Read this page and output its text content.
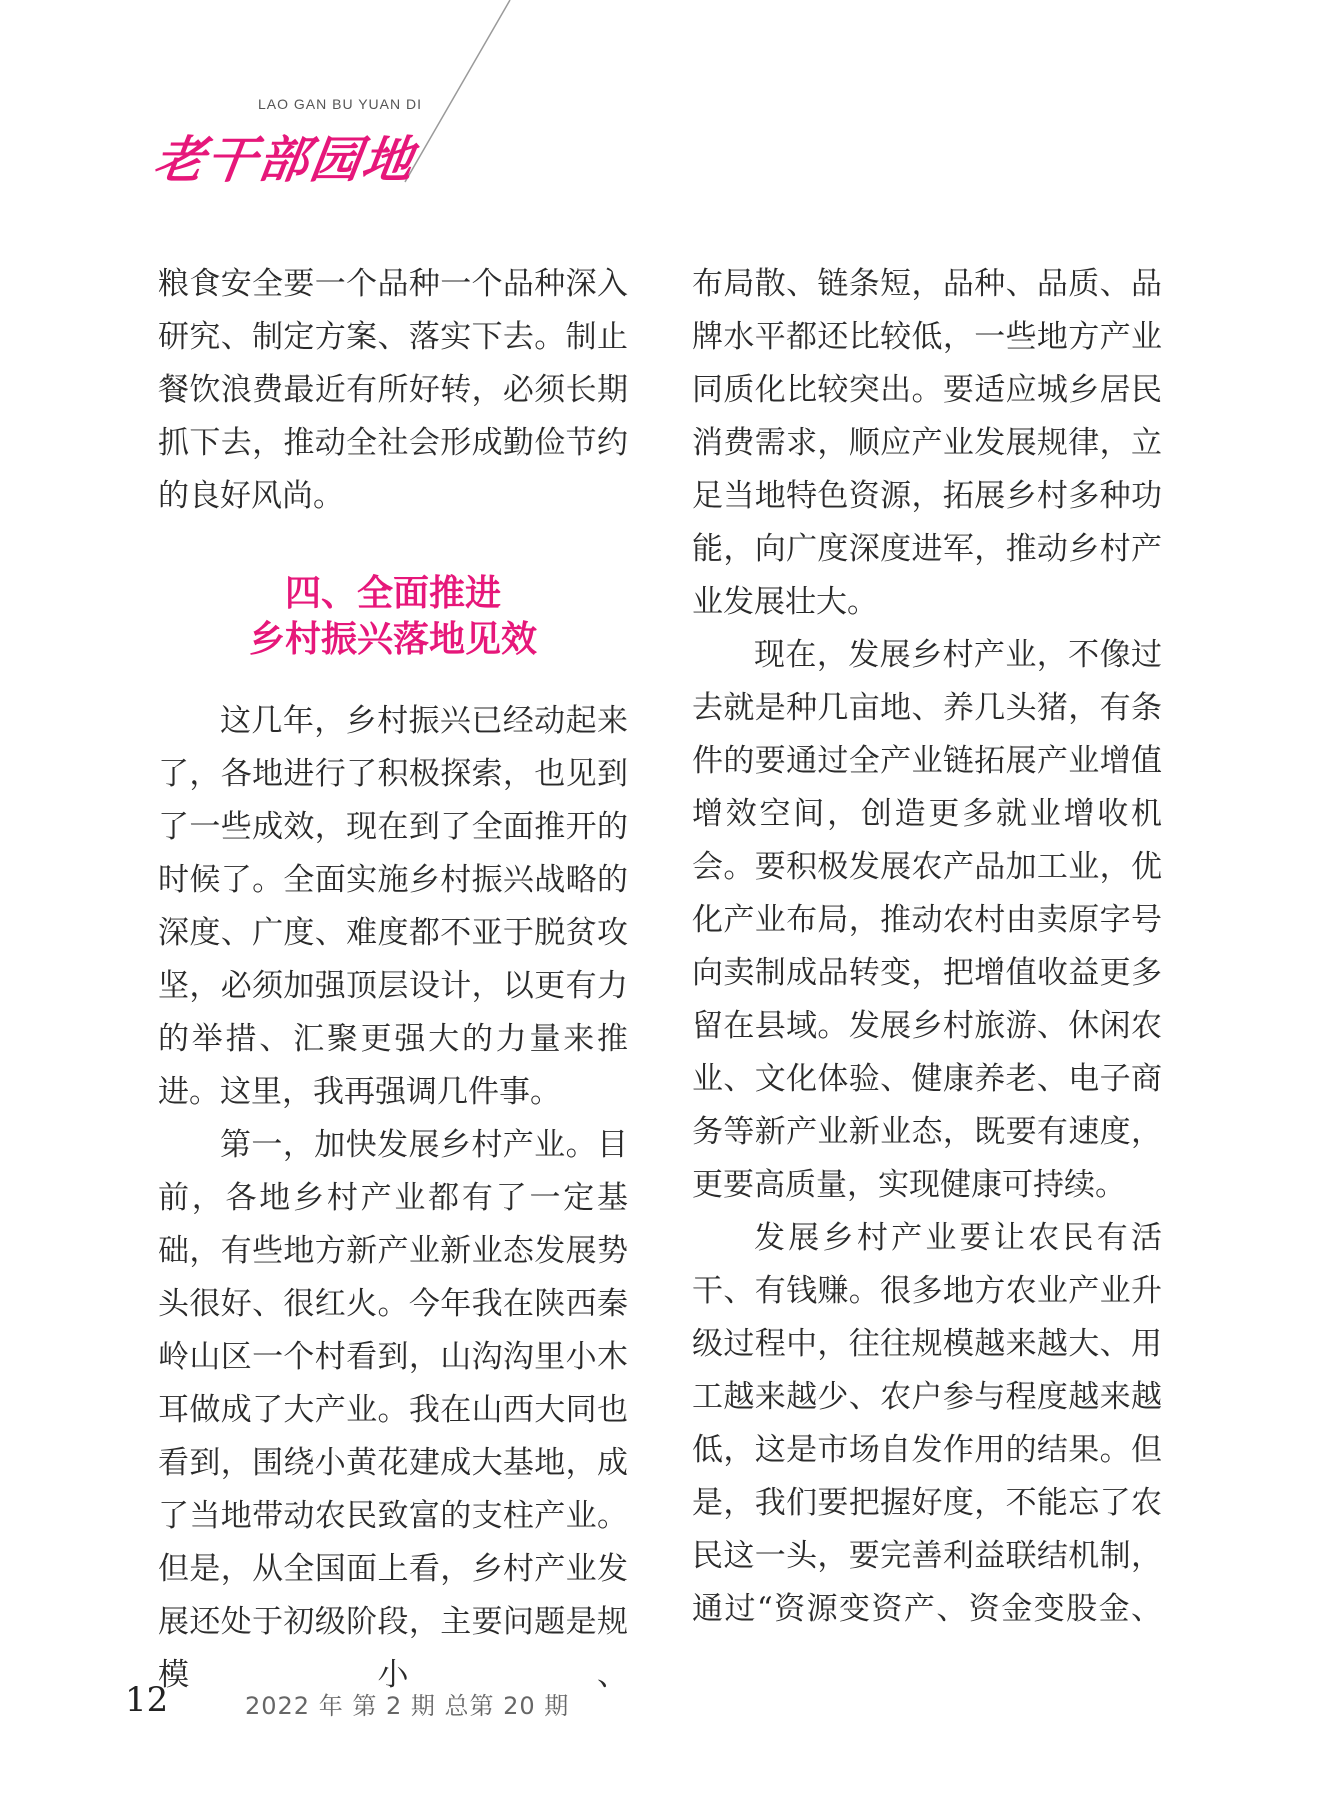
LAO GAN BU YUAN DI
老干部园地

粮食安全要一个品种一个品种深入研究、制定方案、落实下去。制止餐饮浪费最近有所好转，必须长期抓下去，推动全社会形成勤俭节约的良好风尚。

四、全面推进
乡村振兴落地见效

这几年，乡村振兴已经动起来了，各地进行了积极探索，也见到了一些成效，现在到了全面推开的时候了。全面实施乡村振兴战略的深度、广度、难度都不亚于脱贫攻坚，必须加强顶层设计，以更有力的举措、汇聚更强大的力量来推进。这里，我再强调几件事。

第一，加快发展乡村产业。目前，各地乡村产业都有了一定基础，有些地方新产业新业态发展势头很好、很红火。今年我在陕西秦岭山区一个村看到，山沟沟里小木耳做成了大产业。我在山西大同也看到，围绕小黄花建成大基地，成了当地带动农民致富的支柱产业。但是，从全国面上看，乡村产业发展还处于初级阶段，主要问题是规模小、

布局散、链条短，品种、品质、品牌水平都还比较低，一些地方产业同质化比较突出。要适应城乡居民消费需求，顺应产业发展规律，立足当地特色资源，拓展乡村多种功能，向广度深度进军，推动乡村产业发展壮大。

现在，发展乡村产业，不像过去就是种几亩地、养几头猪，有条件的要通过全产业链拓展产业增值增效空间，创造更多就业增收机会。要积极发展农产品加工业，优化产业布局，推动农村由卖原字号向卖制成品转变，把增值收益更多留在县域。发展乡村旅游、休闲农业、文化体验、健康养老、电子商务等新产业新业态，既要有速度，更要高质量，实现健康可持续。

发展乡村产业要让农民有活干、有钱赚。很多地方农业产业升级过程中，往往规模越来越大、用工越来越少、农户参与程度越来越低，这是市场自发作用的结果。但是，我们要把握好度，不能忘了农民这一头，要完善利益联结机制，通过“资源变资产、资金变股金、

12	2022 年 第 2 期 总第 20 期
